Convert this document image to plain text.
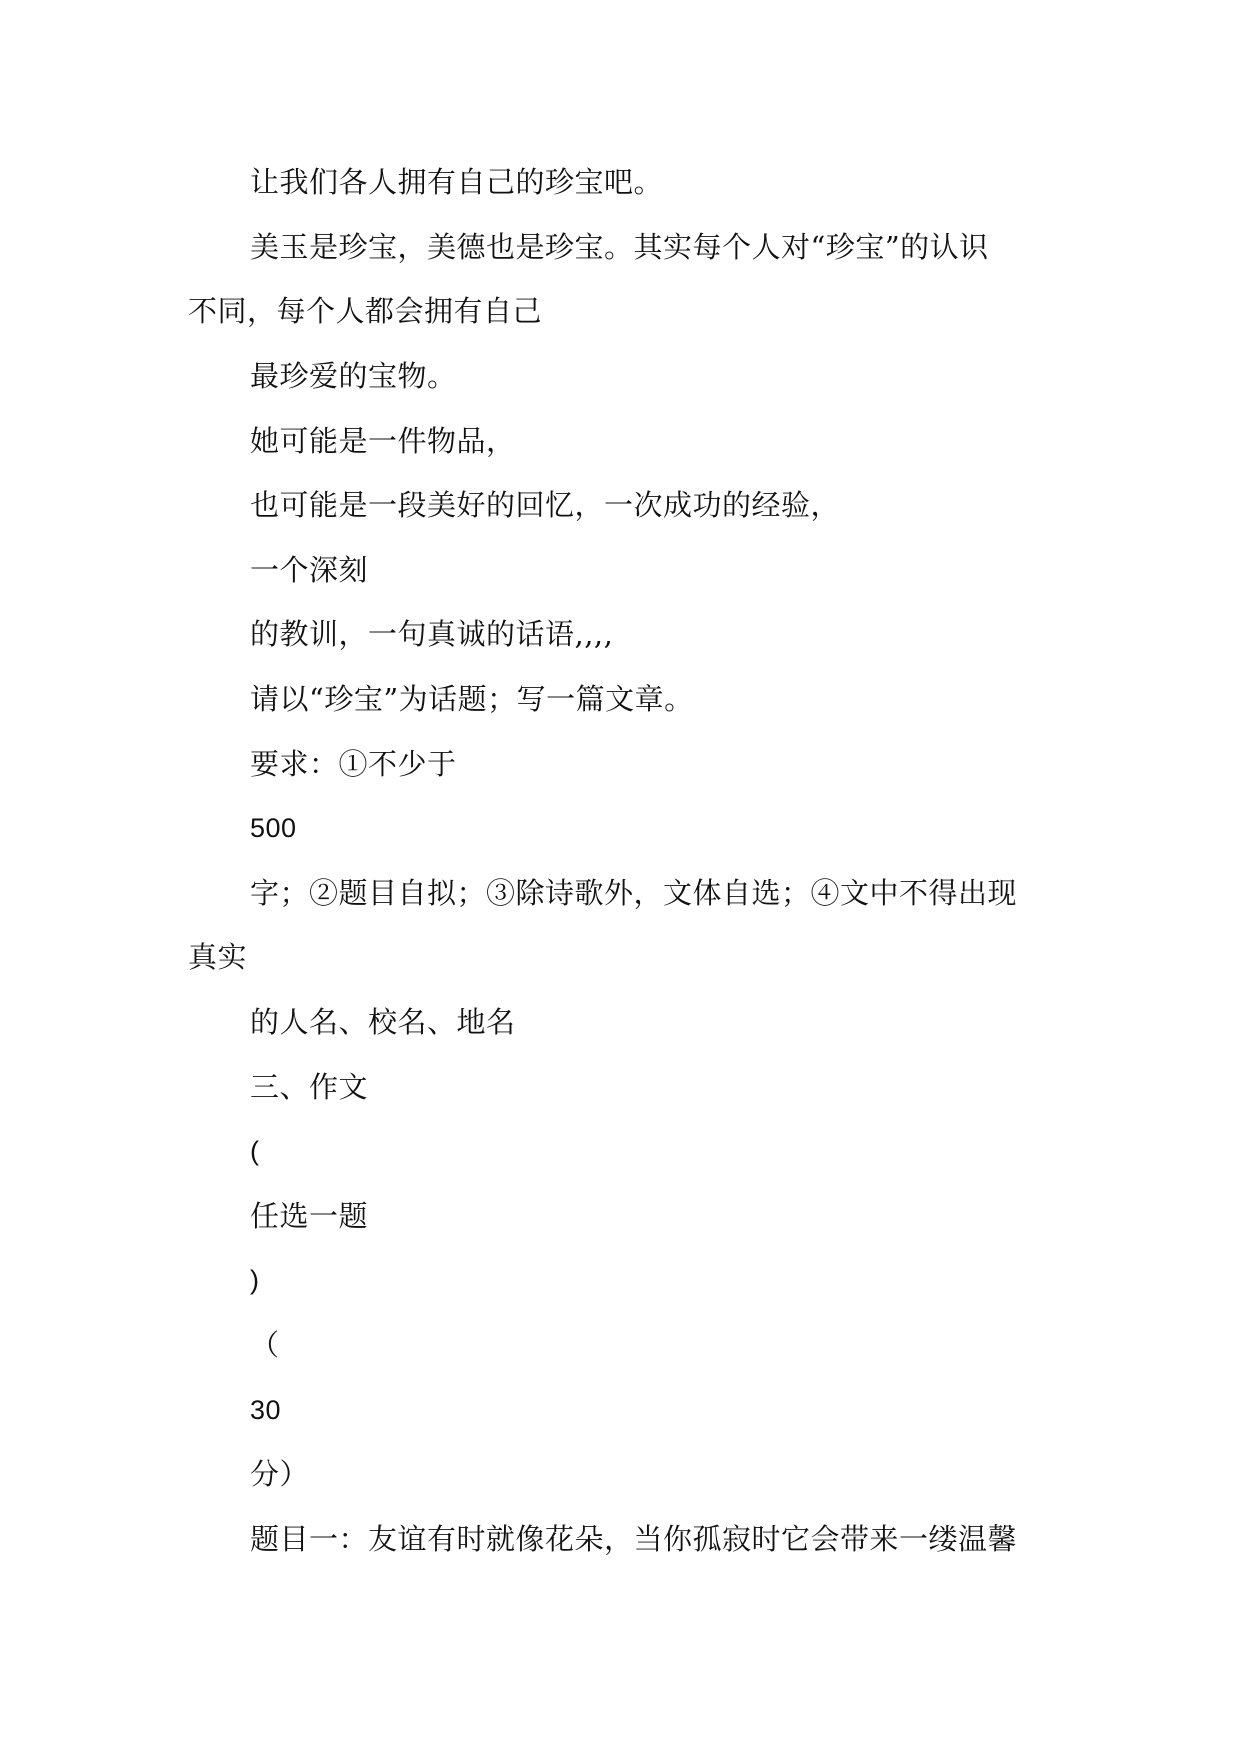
让我们各人拥有自己的珍宝吧。

美玉是珍宝，美德也是珍宝。其实每个人对“珍宝”的认识

不同，每个人都会拥有自己

最珍爱的宝物。

她可能是一件物品，

也可能是一段美好的回忆，一次成功的经验，

一个深刻

的教训，一句真诚的话语,,,,

请以“珍宝”为话题；写一篇文章。

要求：①不少于

500

字；②题目自拟；③除诗歌外，文体自选；④文中不得出现

真实

的人名、校名、地名

三、作文

(

任选一题

)

（

30

分）

题目一：友谊有时就像花朵，当你孤寂时它会带来一缕温馨
